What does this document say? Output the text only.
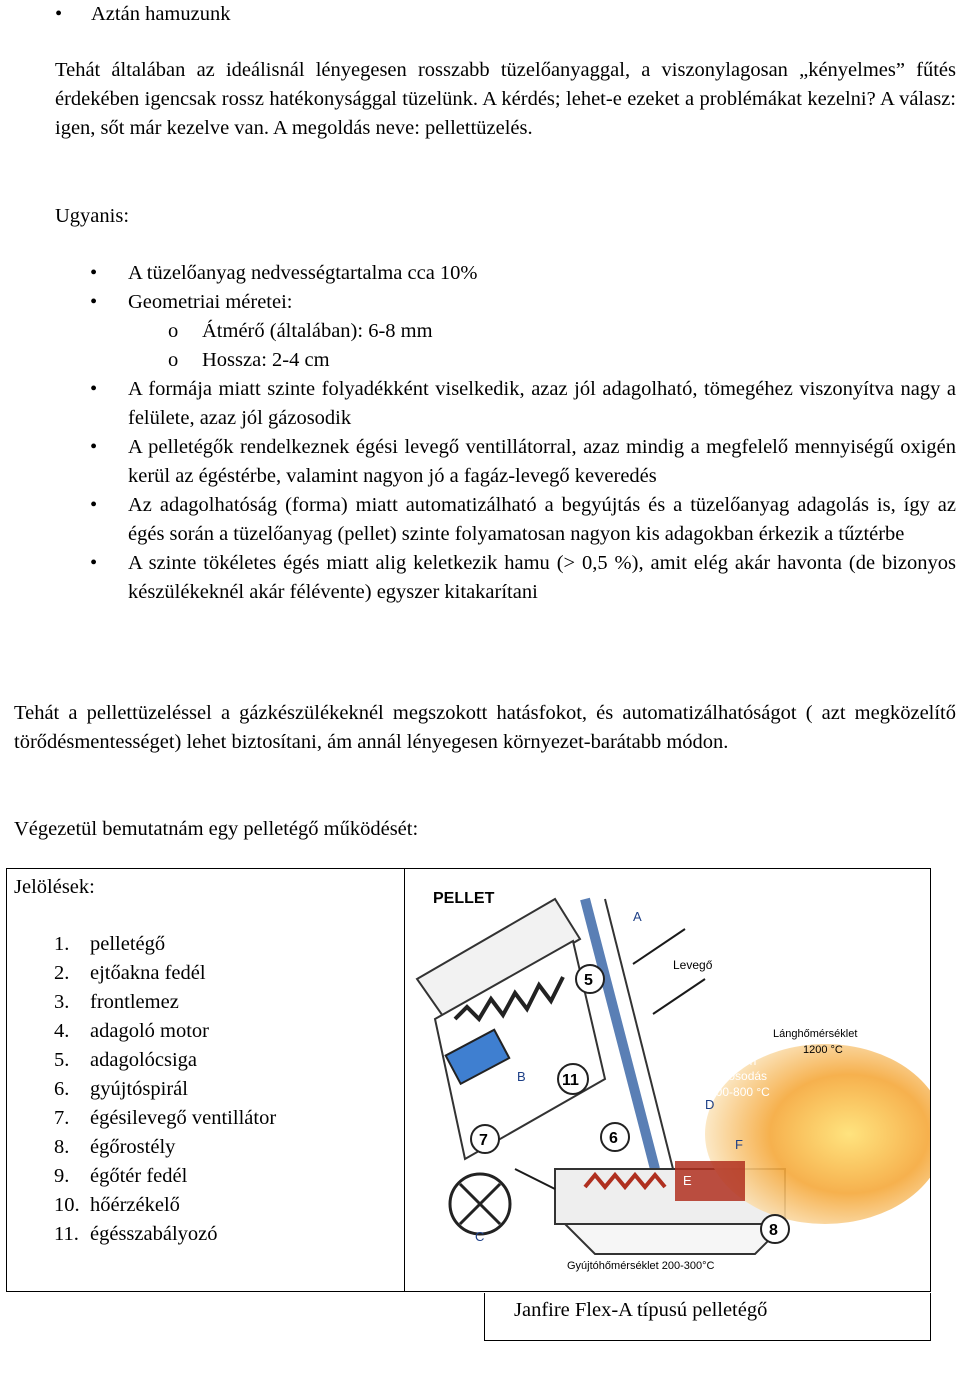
• Aztán hamuzunk

Tehát általában az ideálisnál lényegesen rosszabb tüzelőanyaggal, a viszonylagosan „kényelmes” fűtés érdekében igencsak rossz hatékonysággal tüzelünk. A kérdés; lehet-e ezeket a problémákat kezelni? A válasz: igen, sőt már kezelve van. A megoldás neve: pellettüzelés.

Ugyanis:

• A tüzelőanyag nedvességtartalma cca 10%
• Geometriai méretei:
o Átmérő (általában): 6-8 mm
o Hossza: 2-4 cm
• A formája miatt szinte folyadékként viselkedik, azaz jól adagolható, tömegéhez viszonyítva nagy a felülete, azaz jól gázosodik
• A pelletégők rendelkeznek égési levegő ventillátorral, azaz mindig a megfelelő mennyiségű oxigén kerül az égéstérbe, valamint nagyon jó a fagáz-levegő keveredés
• Az adagolhatóság (forma) miatt automatizálható a begyújtás és a tüzelőanyag adagolás is, így az égés során a tüzelőanyag (pellet) szinte folyamatosan nagyon kis adagokban érkezik a tűztérbe
• A szinte tökéletes égés miatt alig keletkezik hamu (> 0,5 %), amit elég akár havonta (de bizonyos készülékeknél akár félévente) egyszer kitakarítani

Tehát a pellettüzeléssel a gázkészülékeknél megszokott hatásfokot, és automatizálhatóságot ( azt megközelítő törődésmentességet) lehet biztosítani, ám annál lényegesen környezet-barátabb módon.

Végezetül bemutatnám egy pelletégő működését:

Jelölések:

1. pelletégő
2. ejtőakna fedél
3. frontlemez
4. adagoló motor
5. adagolócsiga
6. gyújtóspirál
7. égésilevegő ventillátor
8. égőrostély
9. égőtér fedél
10. hőérzékelő
11. égésszabályozó
PELLET
5
7
11
6
8
A
B
C
D
E
F
Levegő
Lánghőmérséklet
1200 °C
Faszén
gázosodás
500-800 °C
Gyújtóhőmérséklet 200-300°C

Janfire Flex-A típusú pelletégő
